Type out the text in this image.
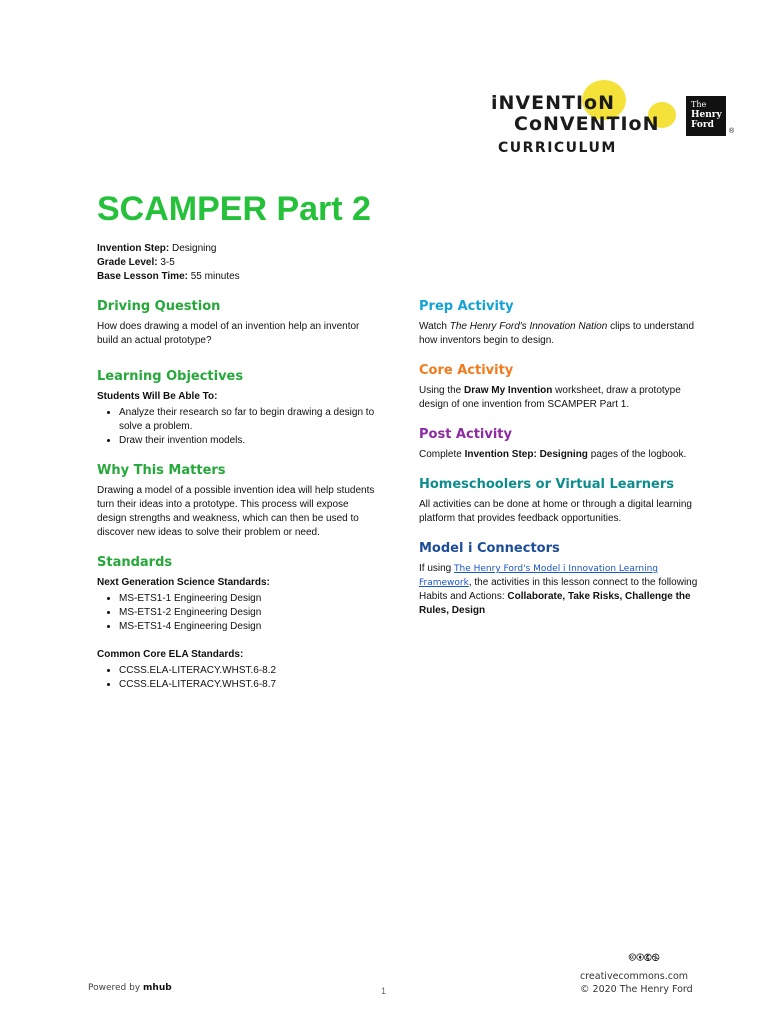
iNVENTIoN
CoNVENTIoN
CURRICULUM
The
Henry
Ford
®
SCAMPER Part 2
Invention Step: Designing
Grade Level: 3-5
Base Lesson Time: 55 minutes
Driving Question

How does drawing a model of an invention help an inventor build an actual prototype?

Learning Objectives

Students Will Be Able To:

• Analyze their research so far to begin drawing a design to solve a problem.
• Draw their invention models.
Why This Matters

Drawing a model of a possible invention idea will help students turn their ideas into a prototype. This process will expose design strengths and weakness, which can then be used to discover new ideas to solve their problem or need.

Standards

Next Generation Science Standards:

• MS-ETS1-1 Engineering Design
• MS-ETS1-2 Engineering Design
• MS-ETS1-4 Engineering Design

Common Core ELA Standards:

• CCSS.ELA-LITERACY.WHST.6-8.2
• CCSS.ELA-LITERACY.WHST.6-8.7
Prep Activity

Watch The Henry Ford's Innovation Nation clips to understand how inventors begin to design.

Core Activity

Using the Draw My Invention worksheet, draw a prototype design of one invention from SCAMPER Part 1.

Post Activity

Complete Invention Step: Designing pages of the logbook.

Homeschoolers or Virtual Learners

All activities can be done at home or through a digital learning platform that provides feedback opportunities.

Model i Connectors

If using The Henry Ford's Model i Innovation Learning
Framework, the activities in this lesson connect to the following Habits and Actions: Collaborate, Take Risks, Challenge the Rules, Design

🅭🅯🅮🄏
creativecommons.com
© 2020 The Henry Ford
Powered by mhub	1
